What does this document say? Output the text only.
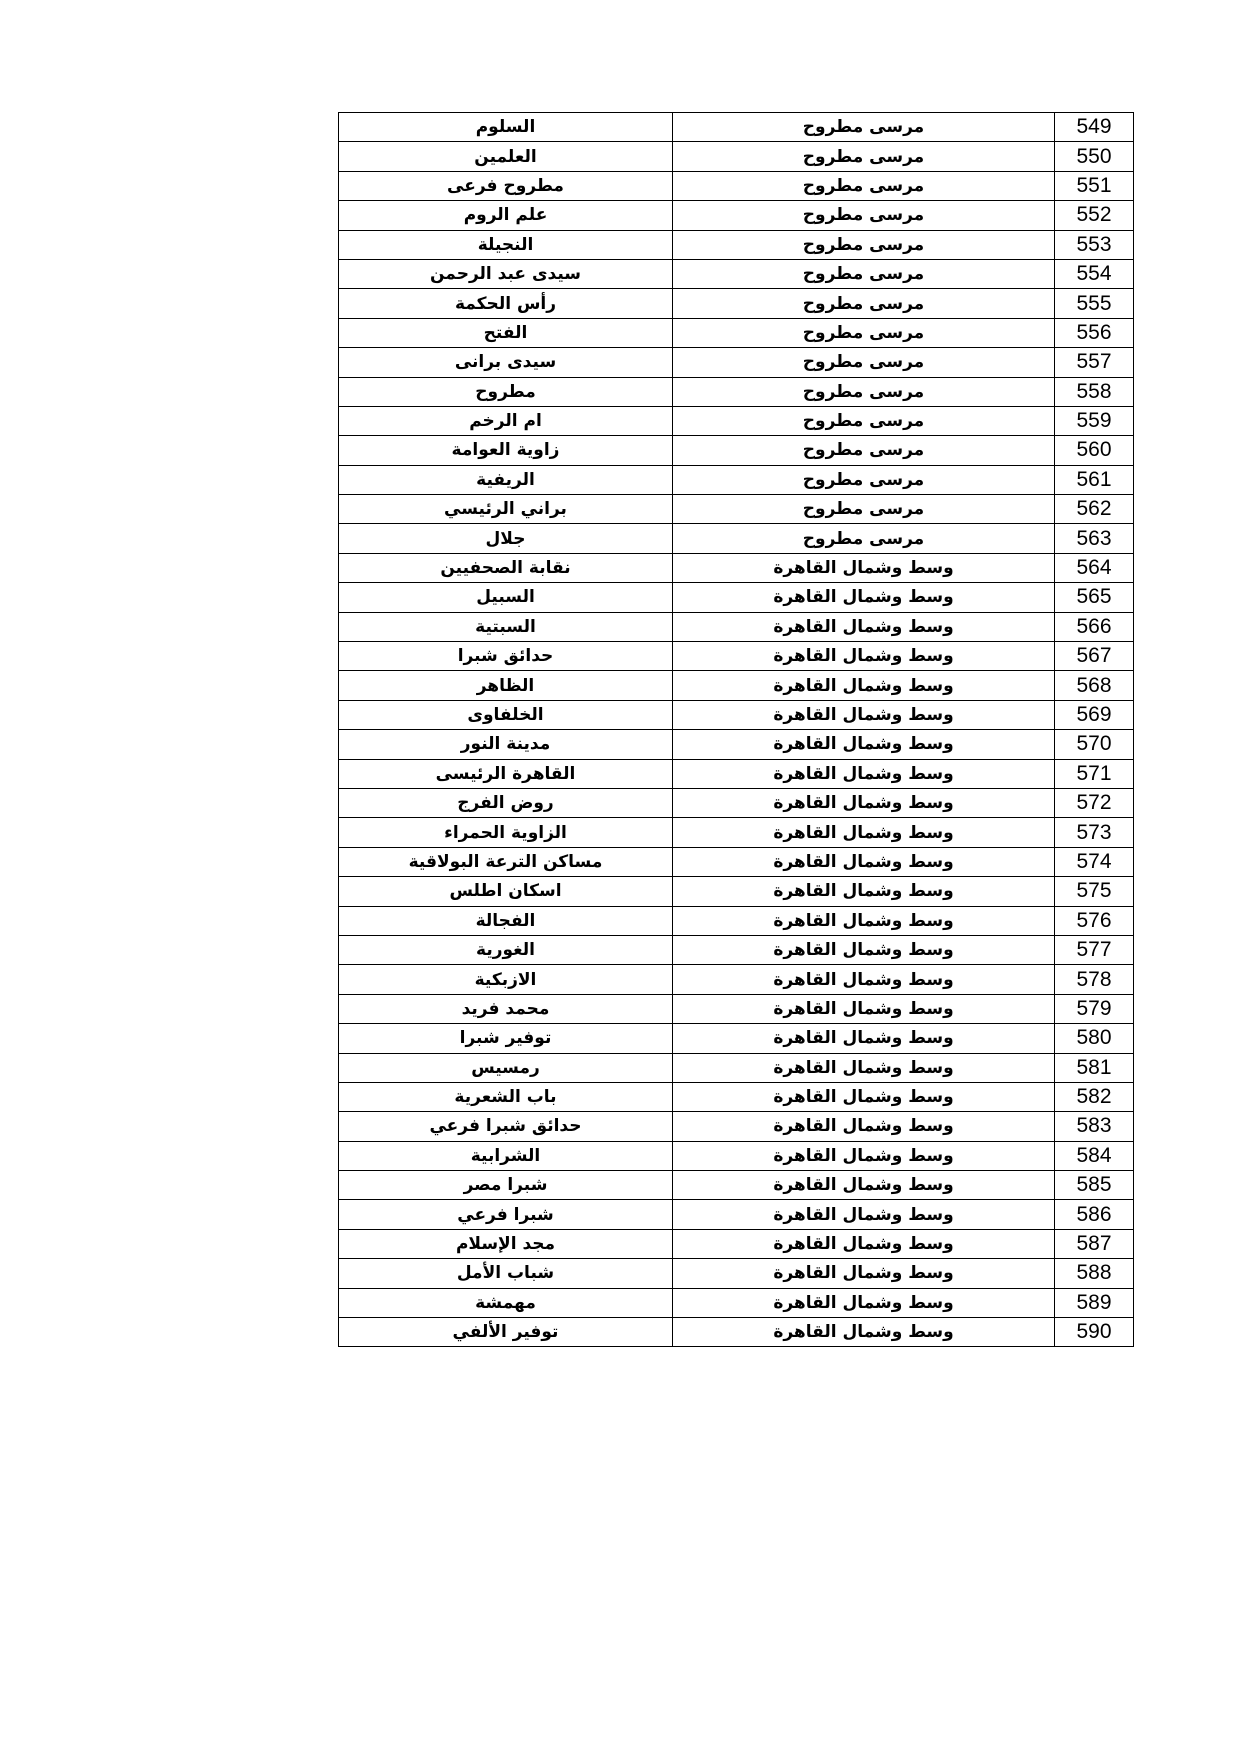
السلوم	مرسى مطروح	549
العلمين	مرسى مطروح	550
مطروح فرعى	مرسى مطروح	551
علم الروم	مرسى مطروح	552
النجيلة	مرسى مطروح	553
سيدى عبد الرحمن	مرسى مطروح	554
رأس الحكمة	مرسى مطروح	555
الفتح	مرسى مطروح	556
سيدى برانى	مرسى مطروح	557
مطروح	مرسى مطروح	558
ام الرخم	مرسى مطروح	559
زاوية العوامة	مرسى مطروح	560
الريفية	مرسى مطروح	561
براني الرئيسي	مرسى مطروح	562
جلال	مرسى مطروح	563
نقابة الصحفيين	وسط وشمال القاهرة	564
السبيل	وسط وشمال القاهرة	565
السبتية	وسط وشمال القاهرة	566
حدائق شبرا	وسط وشمال القاهرة	567
الظاهر	وسط وشمال القاهرة	568
الخلفاوى	وسط وشمال القاهرة	569
مدينة النور	وسط وشمال القاهرة	570
القاهرة الرئيسى	وسط وشمال القاهرة	571
روض الفرج	وسط وشمال القاهرة	572
الزاوية الحمراء	وسط وشمال القاهرة	573
مساكن الترعة البولاقية	وسط وشمال القاهرة	574
اسكان اطلس	وسط وشمال القاهرة	575
الفجالة	وسط وشمال القاهرة	576
الغورية	وسط وشمال القاهرة	577
الازبكية	وسط وشمال القاهرة	578
محمد فريد	وسط وشمال القاهرة	579
توفير شبرا	وسط وشمال القاهرة	580
رمسيس	وسط وشمال القاهرة	581
باب الشعرية	وسط وشمال القاهرة	582
حدائق شبرا فرعي	وسط وشمال القاهرة	583
الشرابية	وسط وشمال القاهرة	584
شبرا مصر	وسط وشمال القاهرة	585
شبرا فرعي	وسط وشمال القاهرة	586
مجد الإسلام	وسط وشمال القاهرة	587
شباب الأمل	وسط وشمال القاهرة	588
مهمشة	وسط وشمال القاهرة	589
توفير الألفي	وسط وشمال القاهرة	590
